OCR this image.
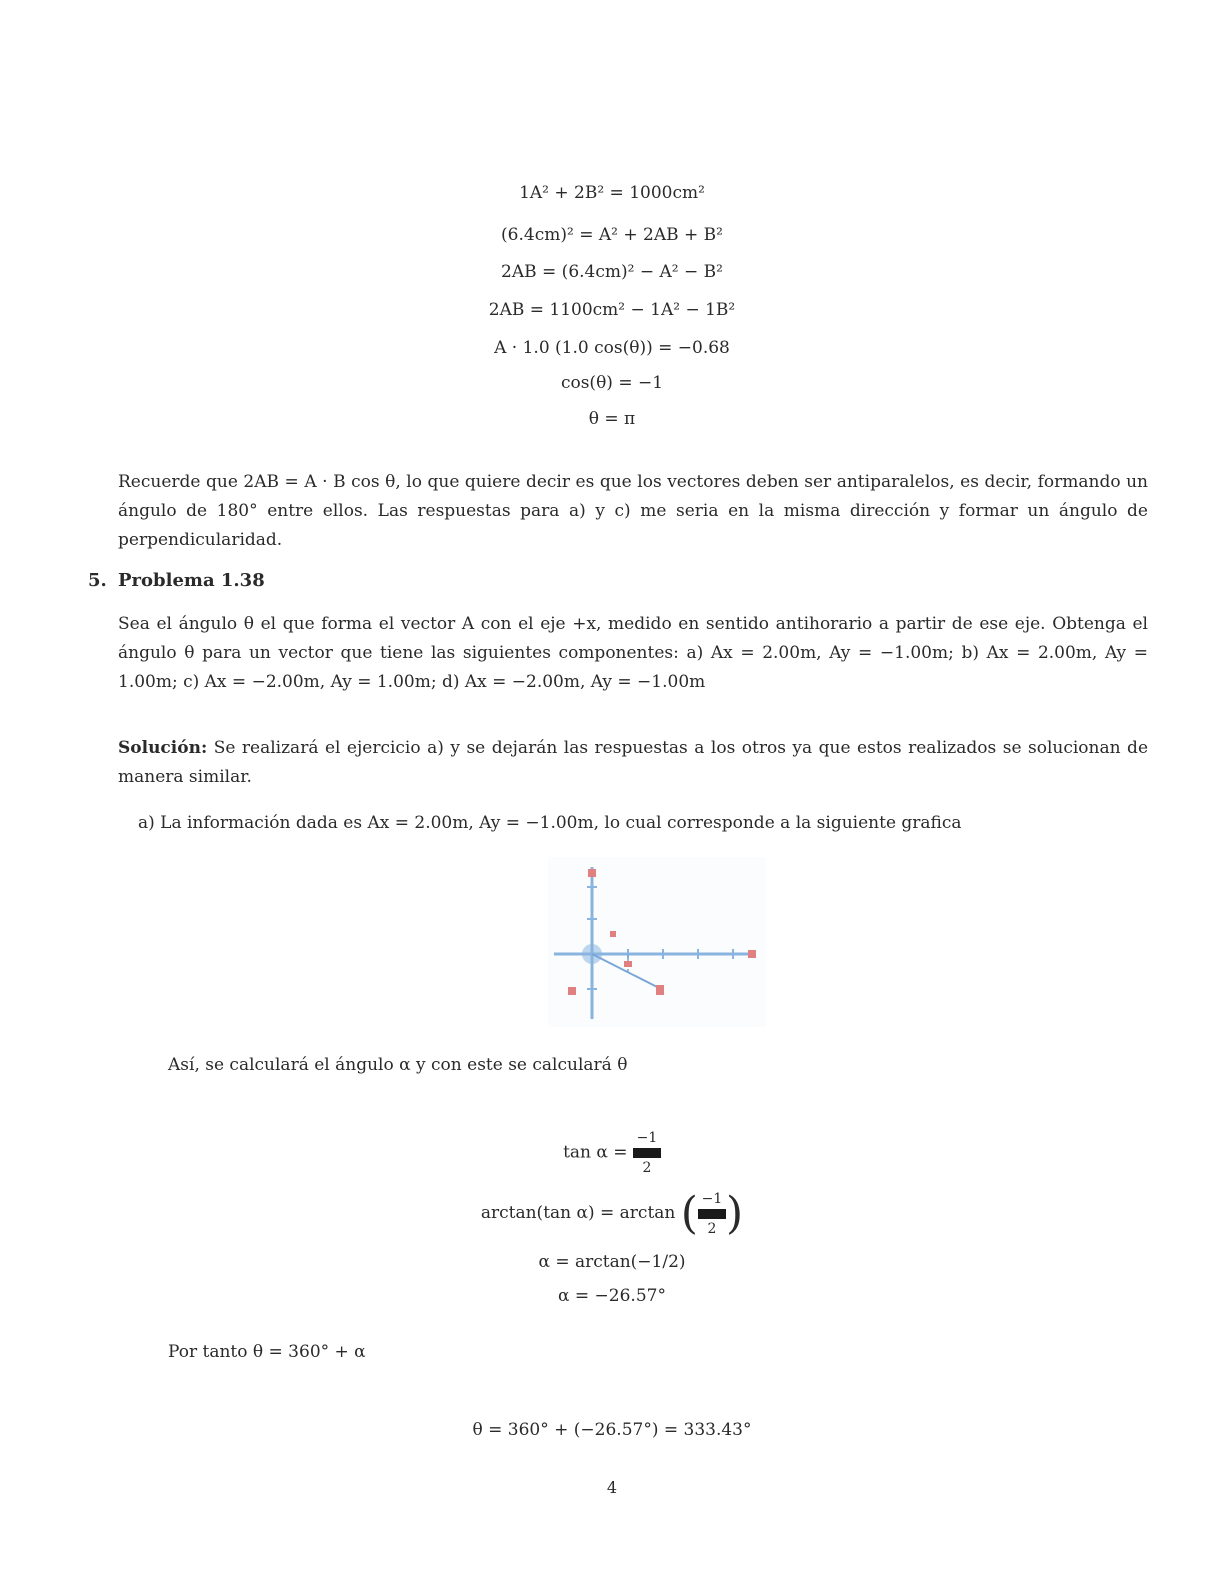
1A² + 2B² = 1000cm²
(6.4cm)² = A² + 2AB + B²
2AB = (6.4cm)² − A² − B²
2AB = 1100cm² − 1A² − 1B²
A · 1.0 (1.0 cos(θ)) = −0.68
cos(θ) = −1
θ = π
Recuerde que 2AB = A · B cos θ, lo que quiere decir es que los vectores deben ser antiparalelos, es decir, formando un ángulo de 180° entre ellos. Las respuestas para a) y c) me seria en la misma dirección y formar un ángulo de perpendicularidad.
5. Problema 1.38
Sea el ángulo θ el que forma el vector A con el eje +x, medido en sentido antihorario a partir de ese eje. Obtenga el ángulo θ para un vector que tiene las siguientes componentes: a) Ax = 2.00m, Ay = −1.00m; b) Ax = 2.00m, Ay = 1.00m; c) Ax = −2.00m, Ay = 1.00m; d) Ax = −2.00m, Ay = −1.00m
Solución: Se realizará el ejercicio a) y se dejarán las respuestas a los otros ya que estos realizados se solucionan de manera similar.
a) La información dada es Ax = 2.00m, Ay = −1.00m, lo cual corresponde a la siguiente grafica
Así, se calculará el ángulo α y con este se calculará θ
tan α =
−1
2
arctan(tan α) = arctan ( −1
2 )
α = arctan(−1/2)
α = −26.57°
Por tanto θ = 360° + α
θ = 360° + (−26.57°) = 333.43°
4
